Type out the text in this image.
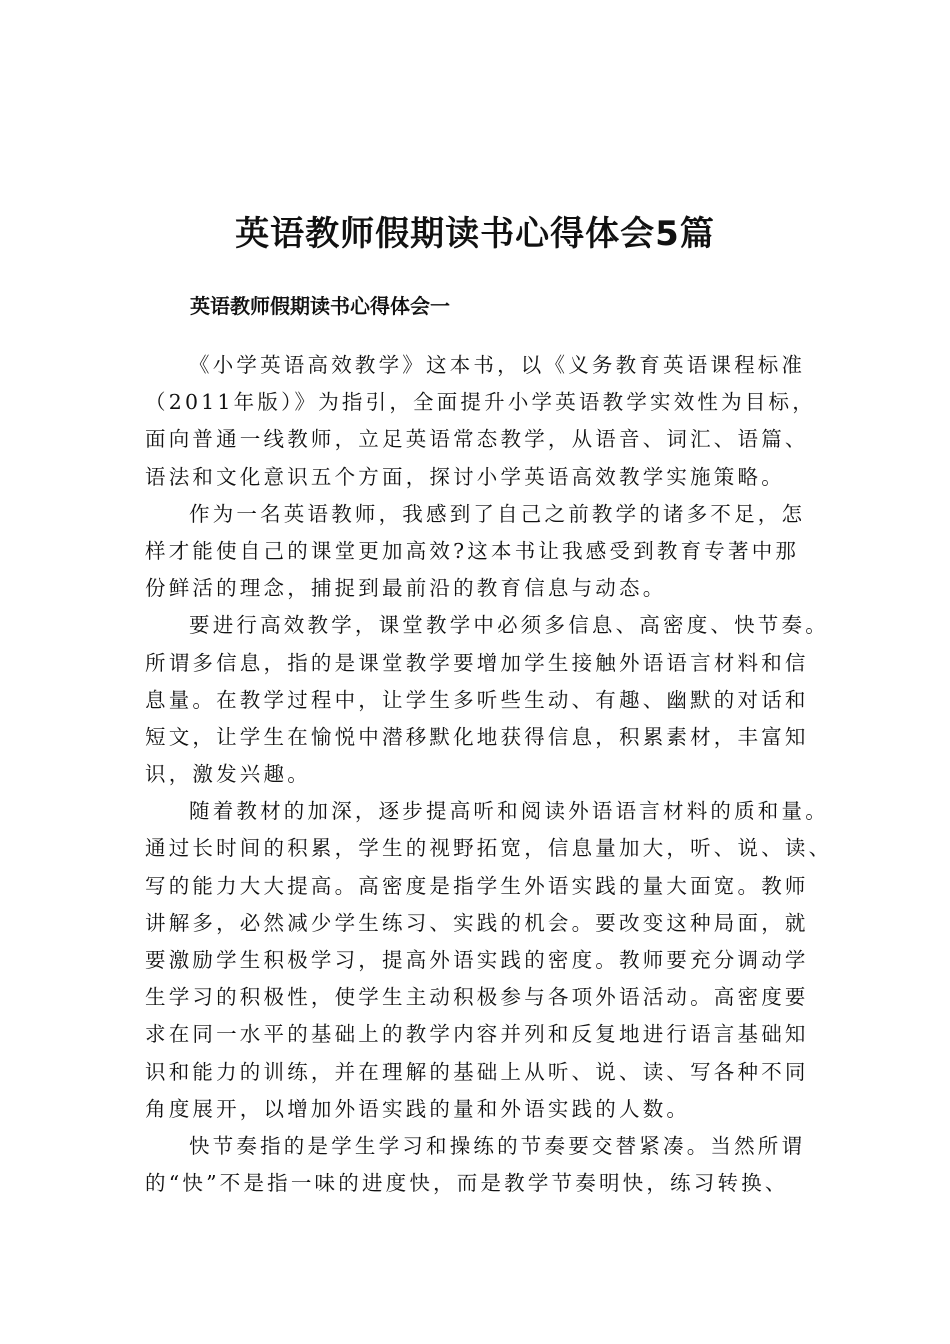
英语教师假期读书心得体会5篇
英语教师假期读书心得体会一
《小学英语高效教学》这本书，以《义务教育英语课程标准
（2011年版）》为指引，全面提升小学英语教学实效性为目标，
面向普通一线教师，立足英语常态教学，从语音、词汇、语篇、
语法和文化意识五个方面，探讨小学英语高效教学实施策略。
作为一名英语教师，我感到了自己之前教学的诸多不足，怎
样才能使自己的课堂更加高效?这本书让我感受到教育专著中那
份鲜活的理念，捕捉到最前沿的教育信息与动态。
要进行高效教学，课堂教学中必须多信息、高密度、快节奏。
所谓多信息，指的是课堂教学要增加学生接触外语语言材料和信
息量。在教学过程中，让学生多听些生动、有趣、幽默的对话和
短文，让学生在愉悦中潜移默化地获得信息，积累素材，丰富知
识，激发兴趣。
随着教材的加深，逐步提高听和阅读外语语言材料的质和量。
通过长时间的积累，学生的视野拓宽，信息量加大，听、说、读、
写的能力大大提高。高密度是指学生外语实践的量大面宽。教师
讲解多，必然减少学生练习、实践的机会。要改变这种局面，就
要激励学生积极学习，提高外语实践的密度。教师要充分调动学
生学习的积极性，使学生主动积极参与各项外语活动。高密度要
求在同一水平的基础上的教学内容并列和反复地进行语言基础知
识和能力的训练，并在理解的基础上从听、说、读、写各种不同
角度展开，以增加外语实践的量和外语实践的人数。
快节奏指的是学生学习和操练的节奏要交替紧凑。当然所谓
的“快”不是指一味的进度快，而是教学节奏明快，练习转换、
